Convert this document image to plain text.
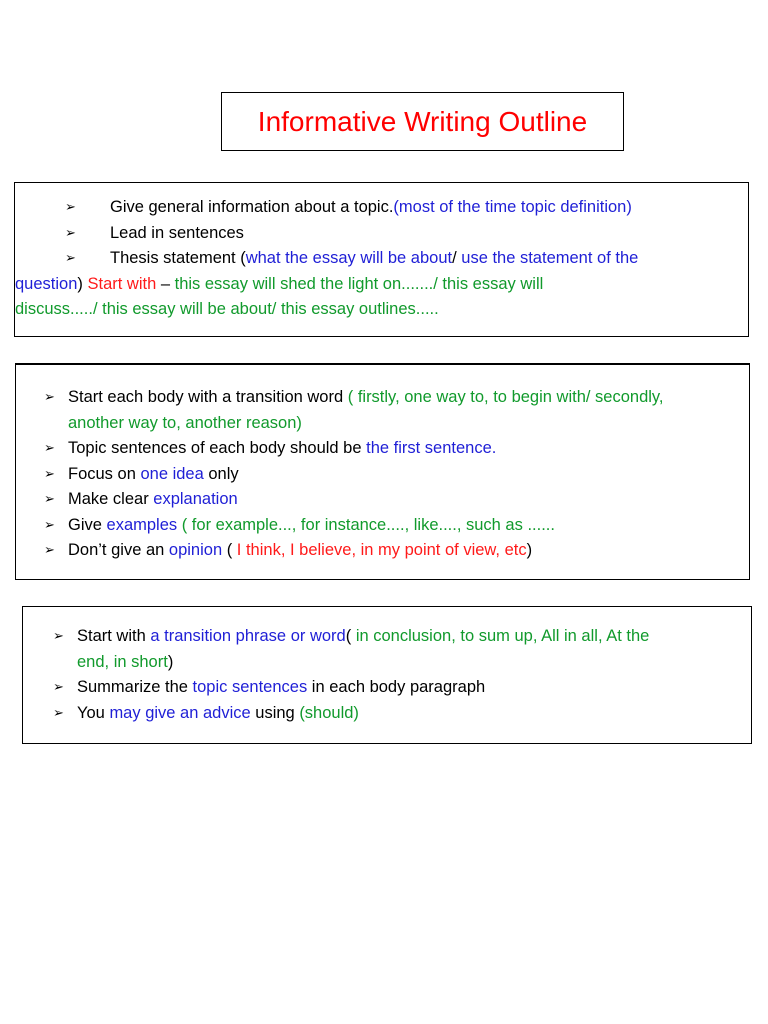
Informative Writing Outline
➢	Give general information about a topic.(most of the time topic definition)
➢	Lead in sentences
➢	Thesis statement (what the essay will be about/ use the statement of the
question) Start with – this essay will shed the light on......./ this essay will
discuss...../ this essay will be about/ this essay outlines.....
➢ Start each body with a transition word ( firstly, one way to, to begin with/ secondly,
another way to, another reason)
➢ Topic sentences of each body should be the first sentence.
➢ Focus on one idea only
➢ Make clear explanation
➢ Give examples ( for example..., for instance...., like...., such as ......
➢ Don’t give an opinion ( I think, I believe, in my point of view, etc)
➢ Start with a transition phrase or word( in conclusion, to sum up, All in all, At the
end, in short)
➢ Summarize the topic sentences in each body paragraph
➢ You may give an advice using (should)
